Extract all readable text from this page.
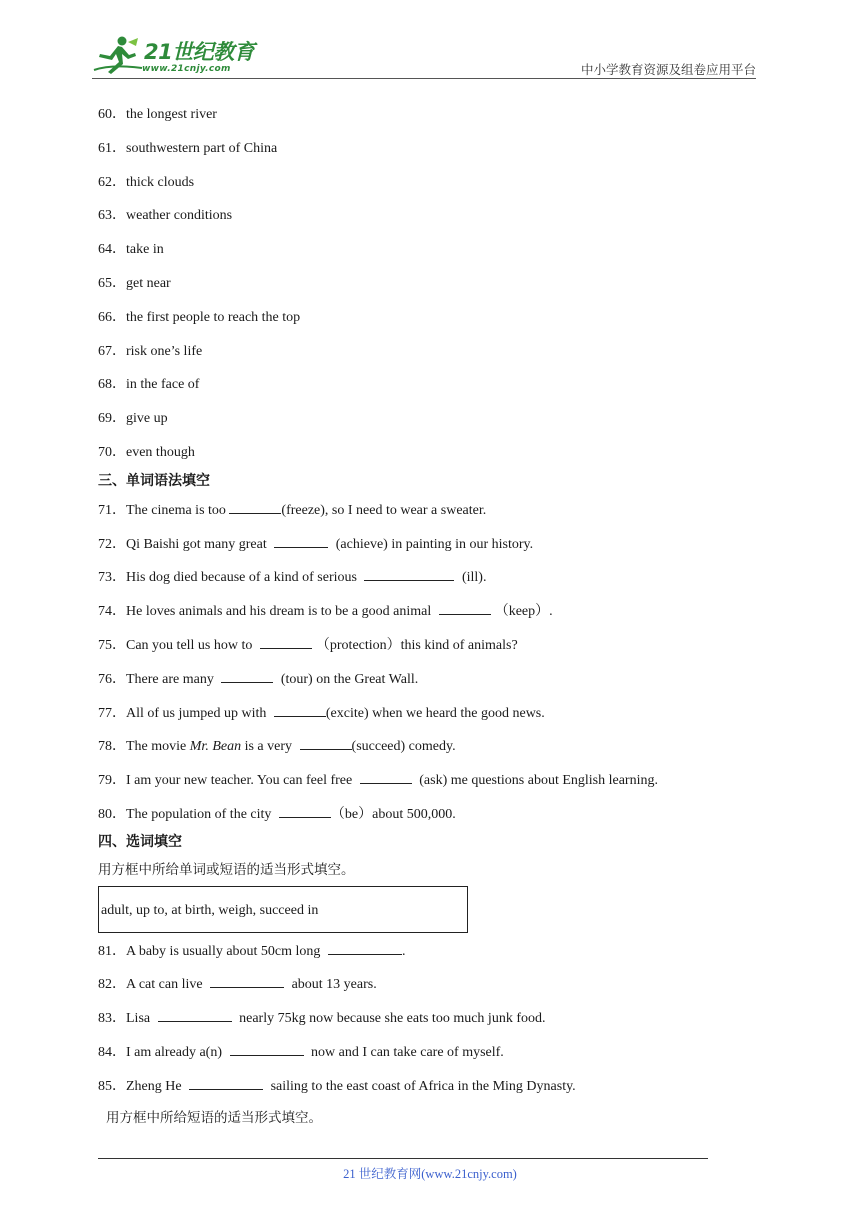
21世纪教育
www.21cnjy.com	中小学教育资源及组卷应用平台
60．the longest river
61．southwestern part of China
62．thick clouds
63．weather conditions
64．take in
65．get near
66．the first people to reach the top
67．risk one’s life
68．in the face of
69．give up
70．even though
三、单词语法填空
71．The cinema is too	(freeze), so I need to wear a sweater.
72．Qi Baishi got many great	(achieve) in painting in our history.
73．His dog died because of a kind of serious	(ill).
74．He loves animals and his dream is to be a good animal	（keep）.
75．Can you tell us how to	（protection）this kind of animals?
76．There are many	(tour) on the Great Wall.
77．All of us jumped up with	(excite) when we heard the good news.
78．The movie Mr. Bean is a very	(succeed) comedy.
79．I am your new teacher. You can feel free	(ask) me questions about English learning.
80．The population of the city	（be）about 500,000.
四、选词填空
用方框中所给单词或短语的适当形式填空。
adult, up to, at birth, weigh, succeed in
81．A baby is usually about 50cm long	.
82．A cat can live	about 13 years.
83．Lisa	nearly 75kg now because she eats too much junk food.
84．I am already a(n)	now and I can take care of myself.
85．Zheng He	sailing to the east coast of Africa in the Ming Dynasty.
用方框中所给短语的适当形式填空。
21 世纪教育网(www.21cnjy.com)
